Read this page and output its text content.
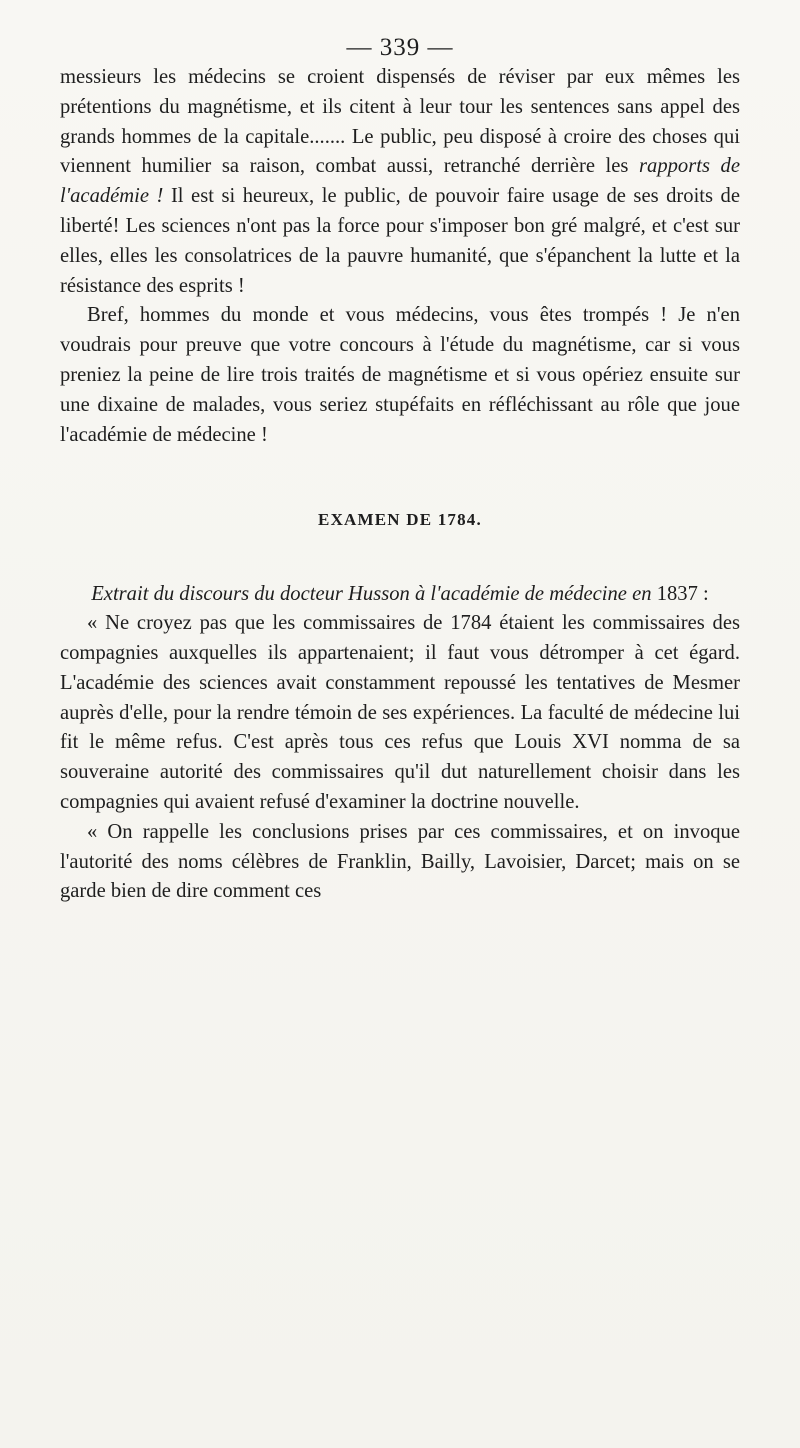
— 339 —

messieurs les médecins se croient dispensés de réviser par eux mêmes les prétentions du magnétisme, et ils citent à leur tour les sentences sans appel des grands hommes de la capitale....... Le public, peu disposé à croire des choses qui viennent humilier sa raison, combat aussi, retranché derrière les rapports de l'académie ! Il est si heureux, le public, de pouvoir faire usage de ses droits de liberté! Les sciences n'ont pas la force pour s'imposer bon gré malgré, et c'est sur elles, elles les consolatrices de la pauvre humanité, que s'épanchent la lutte et la résistance des esprits !

Bref, hommes du monde et vous médecins, vous êtes trompés ! Je n'en voudrais pour preuve que votre concours à l'étude du magnétisme, car si vous preniez la peine de lire trois traités de magnétisme et si vous opériez ensuite sur une dixaine de malades, vous seriez stupéfaits en réfléchissant au rôle que joue l'académie de médecine !

EXAMEN DE 1784.

Extrait du discours du docteur Husson à l'académie de médecine en 1837 :

« Ne croyez pas que les commissaires de 1784 étaient les commissaires des compagnies auxquelles ils appartenaient; il faut vous détromper à cet égard. L'académie des sciences avait constamment repoussé les tentatives de Mesmer auprès d'elle, pour la rendre témoin de ses expériences. La faculté de médecine lui fit le même refus. C'est après tous ces refus que Louis XVI nomma de sa souveraine autorité des commissaires qu'il dut naturellement choisir dans les compagnies qui avaient refusé d'examiner la doctrine nouvelle.

« On rappelle les conclusions prises par ces commissaires, et on invoque l'autorité des noms célèbres de Franklin, Bailly, Lavoisier, Darcet; mais on se garde bien de dire comment ces
